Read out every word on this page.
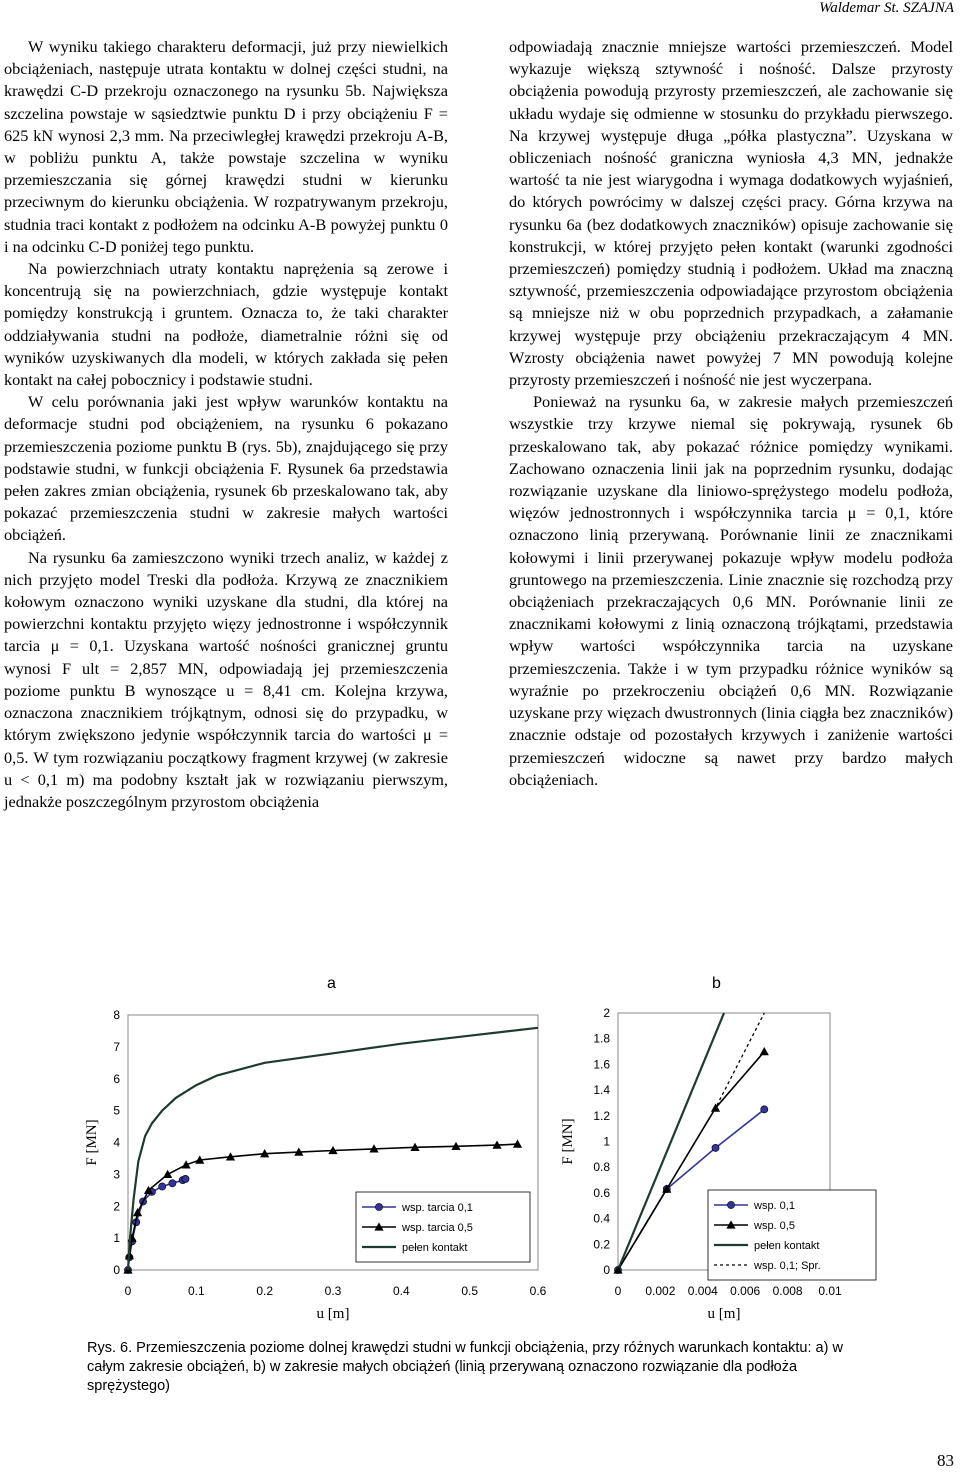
Waldemar St. SZAJNA

W wyniku takiego charakteru deformacji, już przy niewielkich obciążeniach, następuje utrata kontaktu w dolnej części studni, na krawędzi C-D przekroju oznaczonego na rysunku 5b. Największa szczelina powstaje w sąsiedztwie punktu D i przy obciążeniu F = 625 kN wynosi 2,3 mm. Na przeciwległej krawędzi przekroju A-B, w pobliżu punktu A, także powstaje szczelina w wyniku przemieszczania się górnej krawędzi studni w kierunku przeciwnym do kierunku obciążenia. W rozpatrywanym przekroju, studnia traci kontakt z podłożem na odcinku A-B powyżej punktu 0 i na odcinku C-D poniżej tego punktu.

Na powierzchniach utraty kontaktu naprężenia są zerowe i koncentrują się na powierzchniach, gdzie występuje kontakt pomiędzy konstrukcją i gruntem. Oznacza to, że taki charakter oddziaływania studni na podłoże, diametralnie różni się od wyników uzyskiwanych dla modeli, w których zakłada się pełen kontakt na całej pobocznicy i podstawie studni.

W celu porównania jaki jest wpływ warunków kontaktu na deformacje studni pod obciążeniem, na rysunku 6 pokazano przemieszczenia poziome punktu B (rys. 5b), znajdującego się przy podstawie studni, w funkcji obciążenia F. Rysunek 6a przedstawia pełen zakres zmian obciążenia, rysunek 6b przeskalowano tak, aby pokazać przemieszczenia studni w zakresie małych wartości obciążeń.

Na rysunku 6a zamieszczono wyniki trzech analiz, w każdej z nich przyjęto model Treski dla podłoża. Krzywą ze znacznikiem kołowym oznaczono wyniki uzyskane dla studni, dla której na powierzchni kontaktu przyjęto więzy jednostronne i współczynnik tarcia μ = 0,1. Uzyskana wartość nośności granicznej gruntu wynosi F ult = 2,857 MN, odpowiadają jej przemieszczenia poziome punktu B wynoszące u = 8,41 cm. Kolejna krzywa, oznaczona znacznikiem trójkątnym, odnosi się do przypadku, w którym zwiększono jedynie współczynnik tarcia do wartości μ = 0,5. W tym rozwiązaniu początkowy fragment krzywej (w zakresie u < 0,1 m) ma podobny kształt jak w rozwiązaniu pierwszym, jednakże poszczególnym przyrostom obciążenia

odpowiadają znacznie mniejsze wartości przemieszczeń. Model wykazuje większą sztywność i nośność. Dalsze przyrosty obciążenia powodują przyrosty przemieszczeń, ale zachowanie się układu wydaje się odmienne w stosunku do przykładu pierwszego. Na krzywej występuje długa „półka plastyczna”. Uzyskana w obliczeniach nośność graniczna wyniosła 4,3 MN, jednakże wartość ta nie jest wiarygodna i wymaga dodatkowych wyjaśnień, do których powrócimy w dalszej części pracy. Górna krzywa na rysunku 6a (bez dodatkowych znaczników) opisuje zachowanie się konstrukcji, w której przyjęto pełen kontakt (warunki zgodności przemieszczeń) pomiędzy studnią i podłożem. Układ ma znaczną sztywność, przemieszczenia odpowiadające przyrostom obciążenia są mniejsze niż w obu poprzednich przypadkach, a załamanie krzywej występuje przy obciążeniu przekraczającym 4 MN. Wzrosty obciążenia nawet powyżej 7 MN powodują kolejne przyrosty przemieszczeń i nośność nie jest wyczerpana.

Ponieważ na rysunku 6a, w zakresie małych przemieszczeń wszystkie trzy krzywe niemal się pokrywają, rysunek 6b przeskalowano tak, aby pokazać różnice pomiędzy wynikami. Zachowano oznaczenia linii jak na poprzednim rysunku, dodając rozwiązanie uzyskane dla liniowo-sprężystego modelu podłoża, więzów jednostronnych i współczynnika tarcia μ = 0,1, które oznaczono linią przerywaną. Porównanie linii ze znacznikami kołowymi i linii przerywanej pokazuje wpływ modelu podłoża gruntowego na przemieszczenia. Linie znacznie się rozchodzą przy obciążeniach przekraczających 0,6 MN. Porównanie linii ze znacznikami kołowymi z linią oznaczoną trójkątami, przedstawia wpływ wartości współczynnika tarcia na uzyskane przemieszczenia. Także i w tym przypadku różnice wyników są wyraźnie po przekroczeniu obciążeń 0,6 MN. Rozwiązanie uzyskane przy więzach dwustronnych (linia ciągła bez znaczników) znacznie odstaje od pozostałych krzywych i zaniżenie wartości przemieszczeń widoczne są nawet przy bardzo małych obciążeniach.

a	b
0
1
2
3
4
5
6
7
8
0	0.1	0.2	0.3	0.4	0.5	0.6
u [m]
F [MN]
wsp. tarcia 0,1
wsp. tarcia 0,5
pełen kontakt
0
0.2
0.4
0.6
0.8
1
1.2
1.4
1.6
1.8
2
0 0.002 0.004 0.006 0.008 0.01
u [m]
F [MN]
wsp. 0,1
wsp. 0,5
pełen kontakt
wsp. 0,1; Spr.
Rys. 6. Przemieszczenia poziome dolnej krawędzi studni w funkcji obciążenia, przy różnych warunkach kontaktu: a) w całym zakresie obciążeń, b) w zakresie małych obciążeń (linią przerywaną oznaczono rozwiązanie dla podłoża sprężystego)
83
